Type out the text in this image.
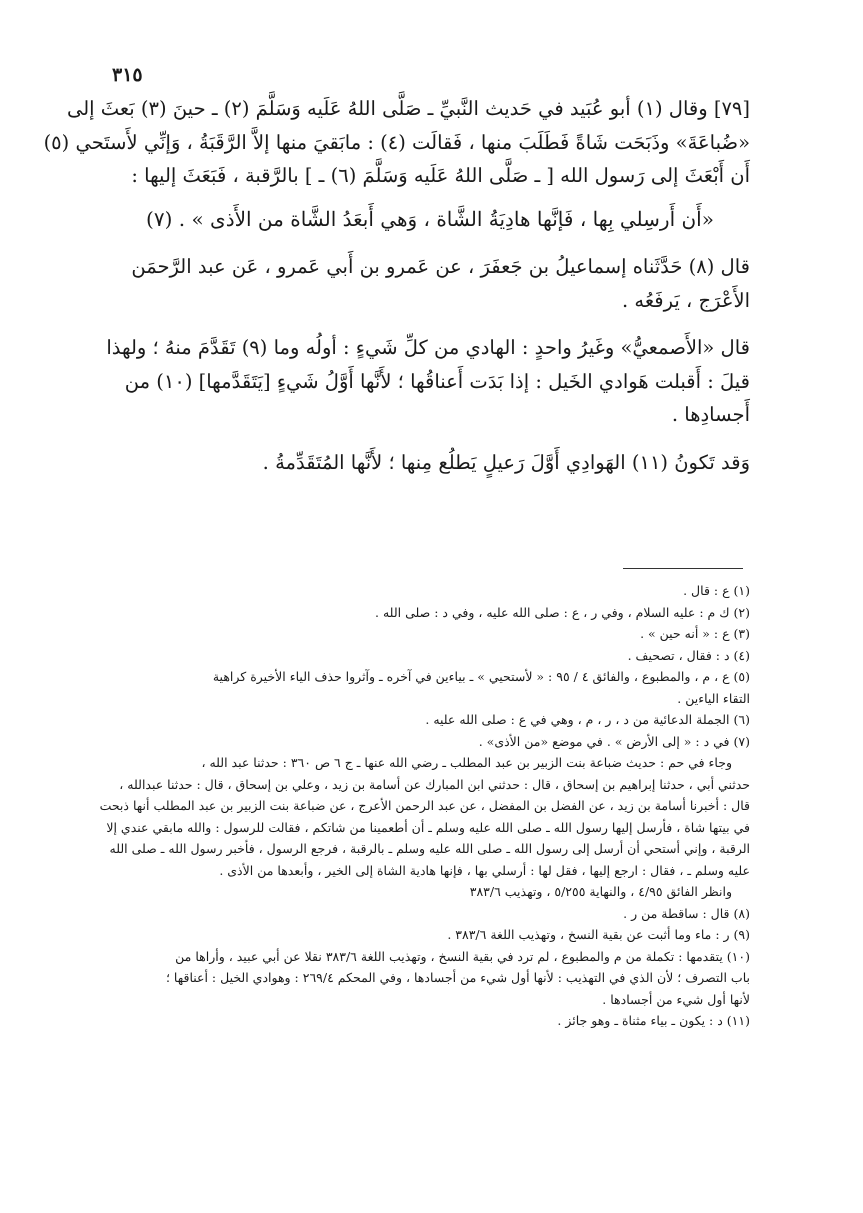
٣١٥

[٧٩] وقال (١) أبو عُبَيد في حَديث النَّبيِّ ـ صَلَّى اللهُ عَلَيه وَسَلَّمَ (٢) ـ حينَ (٣) بَعثَ إلى

«ضُباعَةَ» وذَبَحَت شَاةً فَطَلَبَ منها ، فَقالَت (٤) : مابَقيَ منها إلاَّ الرَّقَبَةُ ، وَإنِّي لأَستَحي (٥)

أَن أَبْعَثَ إلى رَسول الله [ ـ صَلَّى اللهُ عَلَيه وَسَلَّمَ (٦) ـ ] بالرَّقبة ، فَبَعَثَ إليها :

«أَن أَرسِلي بِها ، فَإنَّها هادِيَةُ الشَّاة ، وَهي أَبعَدُ الشَّاة من الأَذى » . (٧)

قال (٨) حَدَّثَناه إسماعيلُ بن جَعفَرَ ، عن عَمرو بن أَبي عَمرو ، عَن عبد الرَّحمَن

الأَعْرَج ، يَرفَعُه .

قال «الأَصمعيُّ» وغَيرُ واحدٍ : الهادي من كلِّ شَيءٍ : أولُه وما (٩) تَقَدَّمَ منهُ ؛ ولهذا

قيلَ : أَقبلت هَوادي الخَيل : إذا بَدَت أَعناقُها ؛ لأَنَّها أَوَّلُ شَيءٍ [يَتَقَدَّمها] (١٠) من

أَجسادِها .

وَقد تَكونُ (١١) الهَوادِي أَوَّلَ رَعيلٍ يَطلُع مِنها ؛ لأَنَّها المُتَقَدِّمةُ .

(١) ع : قال .

(٢) ك م : عليه السلام ، وفي ر ، ع : صلى الله عليه ، وفي د : صلى الله .

(٣) ع : « أنه حين » .

(٤) د : فقال ، تصحيف .

(٥) ع ، م ، والمطبوع ، والفائق ٤ / ٩٥ : « لأستحيي » ـ بياءين في آخره ـ وآثروا حذف الياء الأخيرة كراهية

التقاء الياءين .

(٦) الجملة الدعائية من د ، ر ، م ، وهي في ع : صلى الله عليه .

(٧) في د : « إلى الأرض » . في موضع «من الأذى» .

وجاء في حم : حديث ضباعة بنت الزبير بن عبد المطلب ـ رضي الله عنها ـ ج ٦ ص ٣٦٠ : حدثنا عبد الله ،

حدثني أبي ، حدثنا إبراهيم بن إسحاق ، قال : حدثني ابن المبارك عن أسامة بن زيد ، وعلي بن إسحاق ، قال : حدثنا عبدالله ،

قال : أخبرنا أسامة بن زيد ، عن الفضل بن المفضل ، عن عبد الرحمن الأعرج ، عن ضباعة بنت الزبير بن عبد المطلب أنها ذبحت

في بيتها شاة ، فأرسل إليها رسول الله ـ صلى الله عليه وسلم ـ أن أطعمينا من شاتكم ، فقالت للرسول : والله مابقي عندي إلا

الرقبة ، وإني أستحي أن أرسل إلى رسول الله ـ صلى الله عليه وسلم ـ بالرقبة ، فرجع الرسول ، فأخبر رسول الله ـ صلى الله

عليه وسلم ـ ، فقال : ارجع إليها ، فقل لها : أرسلي بها ، فإنها هادية الشاة إلى الخير ، وأبعدها من الأذى .

وانظر الفائق ٤/٩٥ ، والنهاية ٥/٢٥٥ ، وتهذيب ٣٨٣/٦

(٨) قال : ساقطة من ر .

(٩) ر : ماء وما أثبت عن بقية النسخ ، وتهذيب اللغة ٣٨٣/٦ .

(١٠) يتقدمها : تكملة من م والمطبوع ، لم ترد في بقية النسخ ، وتهذيب اللغة ٣٨٣/٦ نقلا عن أبي عبيد ، وأراها من

باب التصرف ؛ لأن الذي في التهذيب : لأنها أول شيء من أجسادها ، وفي المحكم ٢٦٩/٤ : وهوادي الخيل : أعناقها ؛

لأنها أول شيء من أجسادها .

(١١) د : يكون ـ بياء مثناة ـ وهو جائز .
